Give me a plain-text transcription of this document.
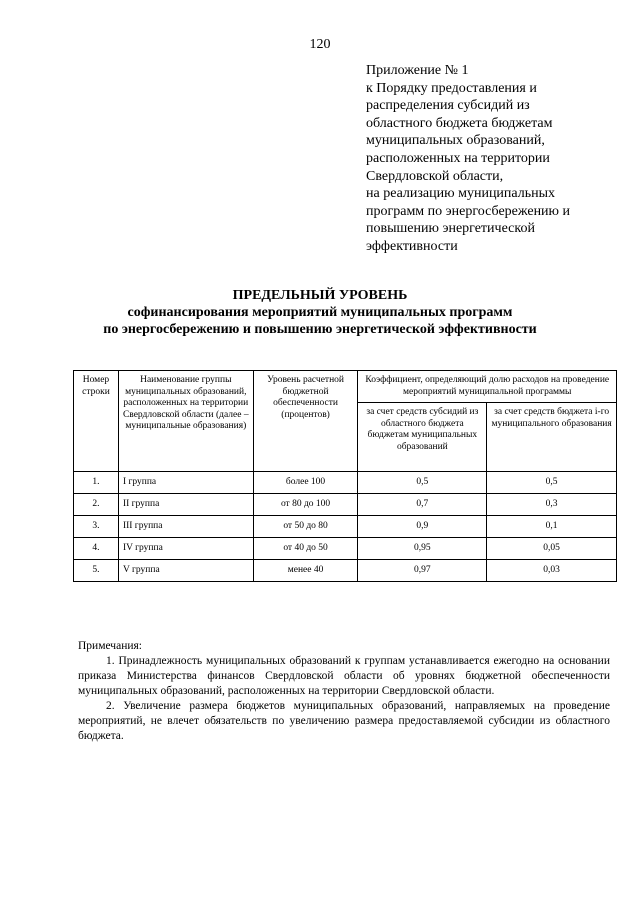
120
Приложение № 1
к Порядку предоставления и
распределения субсидий из
областного бюджета бюджетам
муниципальных образований,
расположенных на территории
Свердловской области,
на реализацию муниципальных
программ по энергосбережению и
повышению энергетической
эффективности
ПРЕДЕЛЬНЫЙ УРОВЕНЬ
софинансирования мероприятий муниципальных программ
по энергосбережению и повышению энергетической эффективности
Номер строки	Наименование группы муниципальных образований, расположенных на территории Свердловской области (далее – муниципальные образования)	Уровень расчетной бюджетной обеспеченности (процентов)	Коэффициент, определяющий долю расходов на проведение мероприятий муниципальной программы	
			за счет средств субсидий из областного бюджета бюджетам муниципальных образований	за счет средств бюджета i-го муниципального образования
1.	I группа	более 100	0,5	0,5
2.	II группа	от 80 до 100	0,7	0,3
3.	III группа	от 50 до 80	0,9	0,1
4.	IV группа	от 40 до 50	0,95	0,05
5.	V группа	менее 40	0,97	0,03

Примечания:

1. Принадлежность муниципальных образований к группам устанавливается ежегодно на основании приказа Министерства финансов Свердловской области об уровнях бюджетной обеспеченности муниципальных образований, расположенных на территории Свердловской области.

2. Увеличение размера бюджетов муниципальных образований, направляемых на проведение мероприятий, не влечет обязательств по увеличению размера предоставляемой субсидии из областного бюджета.
